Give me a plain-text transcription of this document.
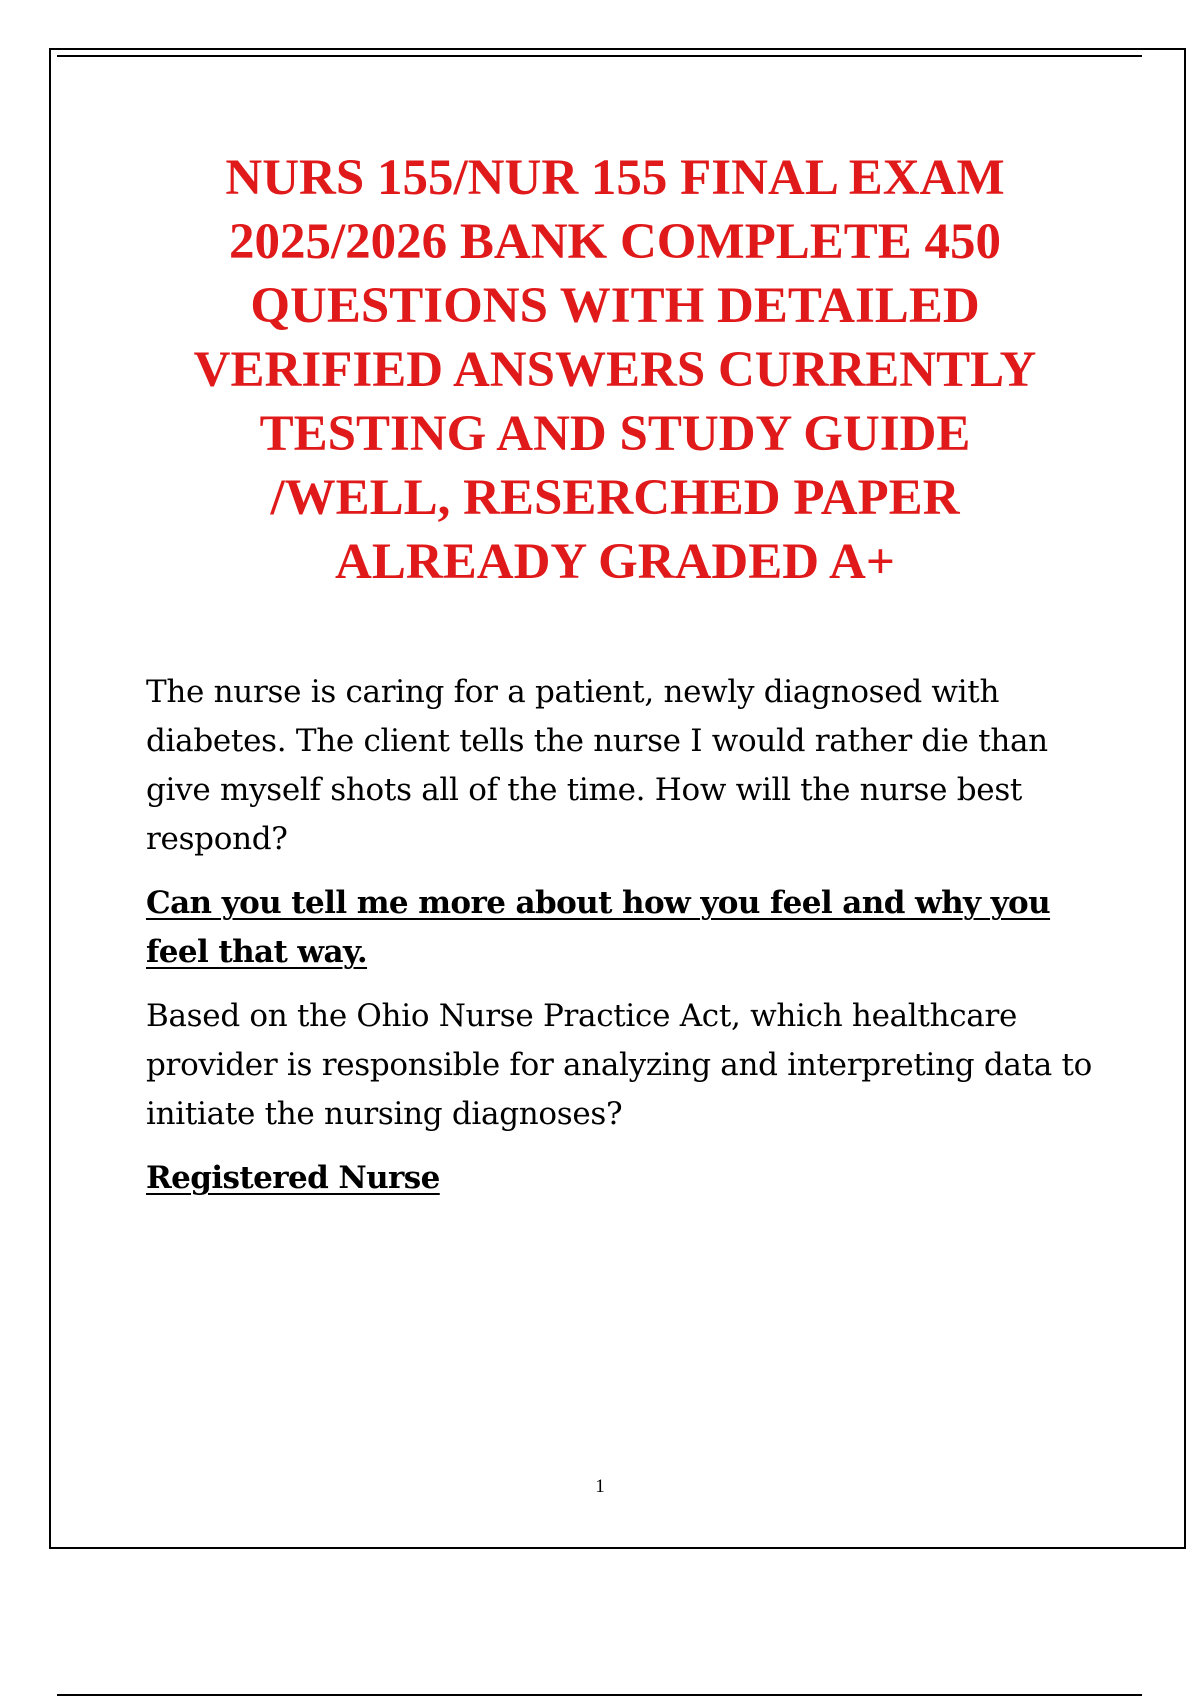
NURS 155/NUR 155 FINAL EXAM
2025/2026 BANK COMPLETE 450
QUESTIONS WITH DETAILED
VERIFIED ANSWERS CURRENTLY
TESTING AND STUDY GUIDE
/WELL, RESERCHED PAPER
ALREADY GRADED A+

The nurse is caring for a patient, newly diagnosed with diabetes. The client tells the nurse I would rather die than give myself shots all of the time. How will the nurse best respond?

Can you tell me more about how you feel and why you feel that way.

Based on the Ohio Nurse Practice Act, which healthcare provider is responsible for analyzing and interpreting data to initiate the nursing diagnoses?

Registered Nurse

1
